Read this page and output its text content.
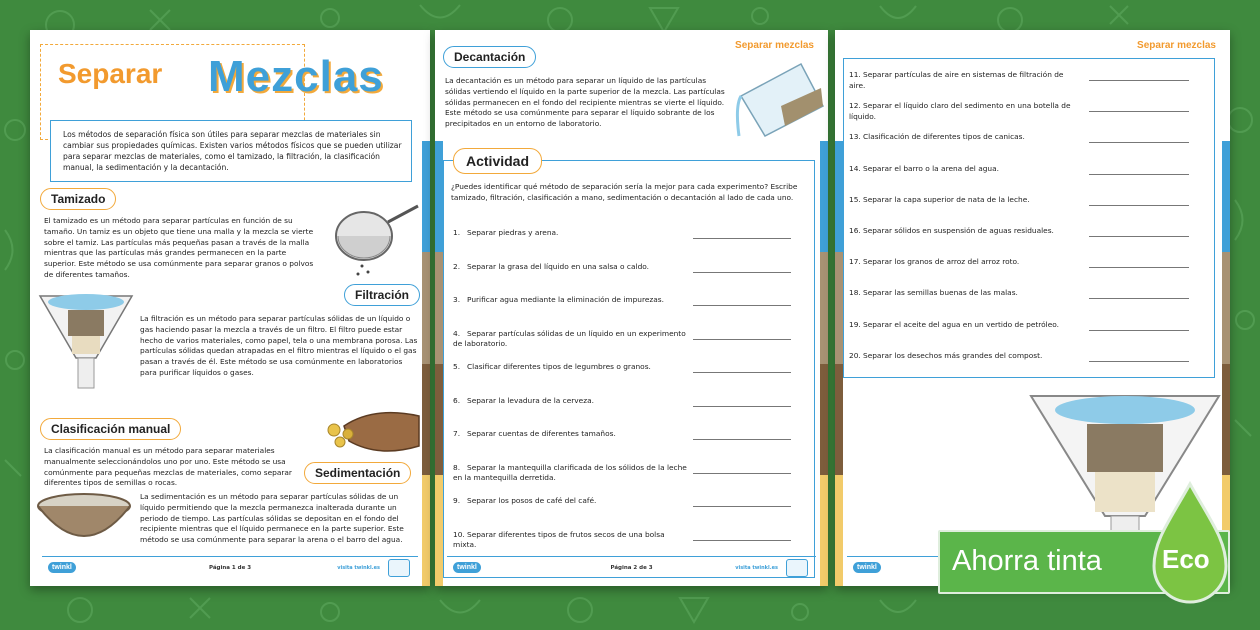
Separar Mezclas
Los métodos de separación física son útiles para separar mezclas de materiales sin cambiar sus propiedades químicas. Existen varios métodos físicos que se pueden utilizar para separar mezclas de materiales, como el tamizado, la filtración, la clasificación manual, la sedimentación y la decantación.
Tamizado
El tamizado es un método para separar partículas en función de su tamaño. Un tamiz es un objeto que tiene una malla y la mezcla se vierte sobre el tamiz. Las partículas más pequeñas pasan a través de la malla mientras que las partículas más grandes permanecen en la parte superior. Este método se usa comúnmente para separar granos o polvos de diferentes tamaños.
Filtración
La filtración es un método para separar partículas sólidas de un líquido o gas haciendo pasar la mezcla a través de un filtro. El filtro puede estar hecho de varios materiales, como papel, tela o una membrana porosa. Las partículas sólidas quedan atrapadas en el filtro mientras el líquido o el gas pasan a través de él. Este método se usa comúnmente en laboratorios para purificar líquidos o gases.
Clasificación manual
La clasificación manual es un método para separar materiales manualmente seleccionándolos uno por uno. Este método se usa comúnmente para pequeñas mezclas de materiales, como separar diferentes tipos de semillas o rocas.
Sedimentación
La sedimentación es un método para separar partículas sólidas de un líquido permitiendo que la mezcla permanezca inalterada durante un periodo de tiempo. Las partículas sólidas se depositan en el fondo del recipiente mientras que el líquido permanece en la parte superior. Este método se usa comúnmente para separar la arena o el barro del agua.
twinkl	Página 1 de 3	visita twinkl.es
Decantación
Separar mezclas
La decantación es un método para separar un líquido de las partículas sólidas vertiendo el líquido en la parte superior de la mezcla. Las partículas sólidas permanecen en el fondo del recipiente mientras se vierte el líquido. Este método se usa comúnmente para separar el líquido sobrante de los precipitados en un entorno de laboratorio.
Actividad
¿Puedes identificar qué método de separación sería la mejor para cada experimento? Escribe tamizado, filtración, clasificación a mano, sedimentación o decantación al lado de cada uno.
1. Separar piedras y arena.
2. Separar la grasa del líquido en una salsa o caldo.
3. Purificar agua mediante la eliminación de impurezas.
4. Separar partículas sólidas de un líquido en un experimento de laboratorio.
5. Clasificar diferentes tipos de legumbres o granos.
6. Separar la levadura de la cerveza.
7. Separar cuentas de diferentes tamaños.
8. Separar la mantequilla clarificada de los sólidos de la leche en la mantequilla derretida.
9. Separar los posos de café del café.
10. Separar diferentes tipos de frutos secos de una bolsa mixta.
twinkl	Página 2 de 3	visita twinkl.es
Separar mezclas
11. Separar partículas de aire en sistemas de filtración de aire.
12. Separar el líquido claro del sedimento en una botella de líquido.
13. Clasificación de diferentes tipos de canicas.
14. Separar el barro o la arena del agua.
15. Separar la capa superior de nata de la leche.
16. Separar sólidos en suspensión de aguas residuales.
17. Separar los granos de arroz del arroz roto.
18. Separar las semillas buenas de las malas.
19. Separar el aceite del agua en un vertido de petróleo.
20. Separar los desechos más grandes del compost.
twinkl	Ahorra tinta Eco
